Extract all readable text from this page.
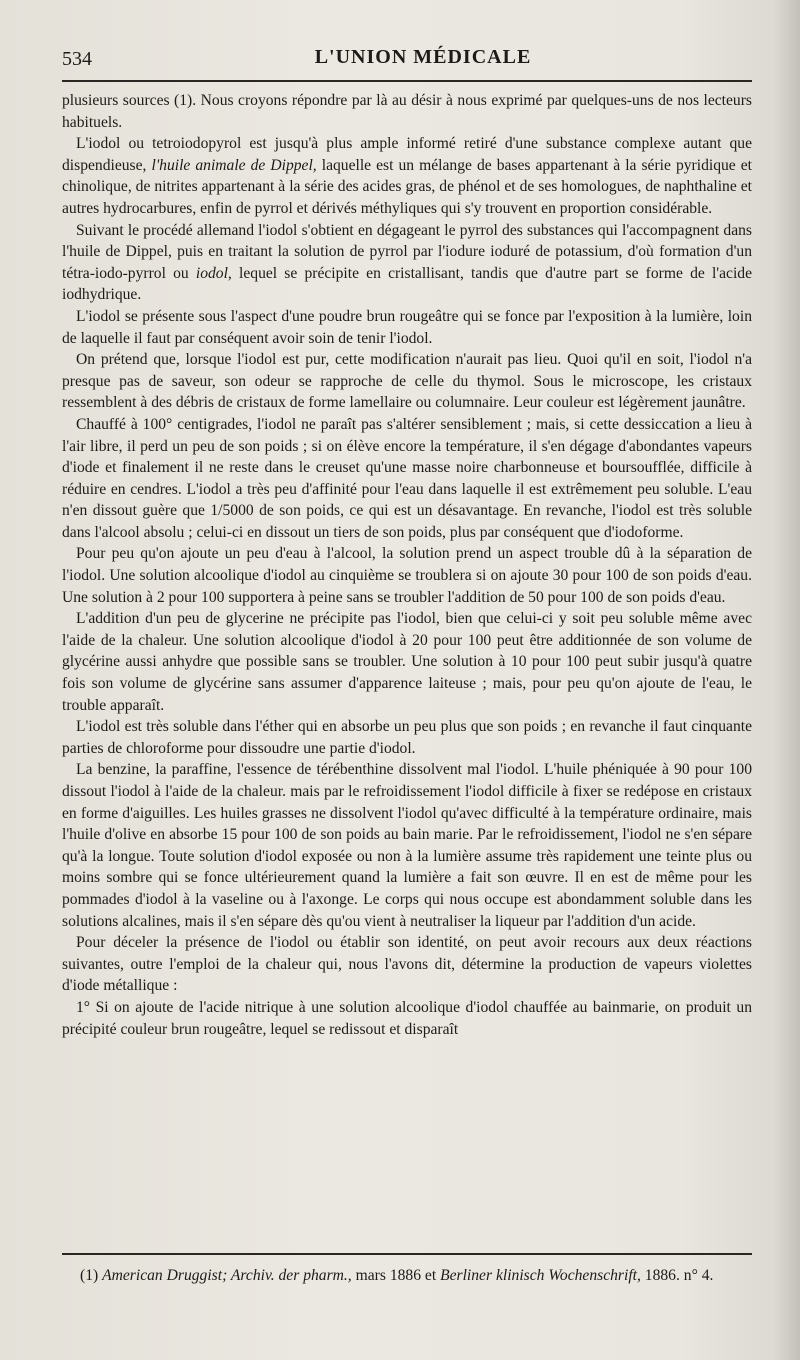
534	L'UNION MÉDICALE

plusieurs sources (1). Nous croyons répondre par là au désir à nous exprimé par quelques-uns de nos lecteurs habituels.

L'iodol ou tetroiodopyrol est jusqu'à plus ample informé retiré d'une substance complexe autant que dispendieuse, l'huile animale de Dippel, laquelle est un mélange de bases appartenant à la série pyridique et chinolique, de nitrites appartenant à la série des acides gras, de phénol et de ses homologues, de naphthaline et autres hydrocarbures, enfin de pyrrol et dérivés méthyliques qui s'y trouvent en proportion considérable.

Suivant le procédé allemand l'iodol s'obtient en dégageant le pyrrol des substances qui l'accompagnent dans l'huile de Dippel, puis en traitant la solution de pyrrol par l'iodure ioduré de potassium, d'où formation d'un tétra-iodo-pyrrol ou iodol, lequel se précipite en cristallisant, tandis que d'autre part se forme de l'acide iodhydrique.

L'iodol se présente sous l'aspect d'une poudre brun rougeâtre qui se fonce par l'exposition à la lumière, loin de laquelle il faut par conséquent avoir soin de tenir l'iodol.

On prétend que, lorsque l'iodol est pur, cette modification n'aurait pas lieu. Quoi qu'il en soit, l'iodol n'a presque pas de saveur, son odeur se rapproche de celle du thymol. Sous le microscope, les cristaux ressemblent à des débris de cristaux de forme lamellaire ou columnaire. Leur couleur est légèrement jaunâtre.

Chauffé à 100° centigrades, l'iodol ne paraît pas s'altérer sensiblement ; mais, si cette dessiccation a lieu à l'air libre, il perd un peu de son poids ; si on élève encore la température, il s'en dégage d'abondantes vapeurs d'iode et finalement il ne reste dans le creuset qu'une masse noire charbonneuse et boursoufflée, difficile à réduire en cendres. L'iodol a très peu d'affinité pour l'eau dans laquelle il est extrêmement peu soluble. L'eau n'en dissout guère que 1/5000 de son poids, ce qui est un désavantage. En revanche, l'iodol est très soluble dans l'alcool absolu ; celui-ci en dissout un tiers de son poids, plus par conséquent que d'iodoforme.

Pour peu qu'on ajoute un peu d'eau à l'alcool, la solution prend un aspect trouble dû à la séparation de l'iodol. Une solution alcoolique d'iodol au cinquième se troublera si on ajoute 30 pour 100 de son poids d'eau. Une solution à 2 pour 100 supportera à peine sans se troubler l'addition de 50 pour 100 de son poids d'eau.

L'addition d'un peu de glycerine ne précipite pas l'iodol, bien que celui-ci y soit peu soluble même avec l'aide de la chaleur. Une solution alcoolique d'iodol à 20 pour 100 peut être additionnée de son volume de glycérine aussi anhydre que possible sans se troubler. Une solution à 10 pour 100 peut subir jusqu'à quatre fois son volume de glycérine sans assumer d'apparence laiteuse ; mais, pour peu qu'on ajoute de l'eau, le trouble apparaît.

L'iodol est très soluble dans l'éther qui en absorbe un peu plus que son poids ; en revanche il faut cinquante parties de chloroforme pour dissoudre une partie d'iodol.

La benzine, la paraffine, l'essence de térébenthine dissolvent mal l'iodol. L'huile phéniquée à 90 pour 100 dissout l'iodol à l'aide de la chaleur. mais par le refroidissement l'iodol difficile à fixer se redépose en cristaux en forme d'aiguilles. Les huiles grasses ne dissolvent l'iodol qu'avec difficulté à la température ordinaire, mais l'huile d'olive en absorbe 15 pour 100 de son poids au bain marie. Par le refroidissement, l'iodol ne s'en sépare qu'à la longue. Toute solution d'iodol exposée ou non à la lumière assume très rapidement une teinte plus ou moins sombre qui se fonce ultérieurement quand la lumière a fait son œuvre. Il en est de même pour les pommades d'iodol à la vaseline ou à l'axonge. Le corps qui nous occupe est abondamment soluble dans les solutions alcalines, mais il s'en sépare dès qu'ou vient à neutraliser la liqueur par l'addition d'un acide.

Pour déceler la présence de l'iodol ou établir son identité, on peut avoir recours aux deux réactions suivantes, outre l'emploi de la chaleur qui, nous l'avons dit, détermine la production de vapeurs violettes d'iode métallique :

1° Si on ajoute de l'acide nitrique à une solution alcoolique d'iodol chauffée au bainmarie, on produit un précipité couleur brun rougeâtre, lequel se redissout et disparaît

(1) American Druggist; Archiv. der pharm., mars 1886 et Berliner klinisch Wochenschrift, 1886. n° 4.
